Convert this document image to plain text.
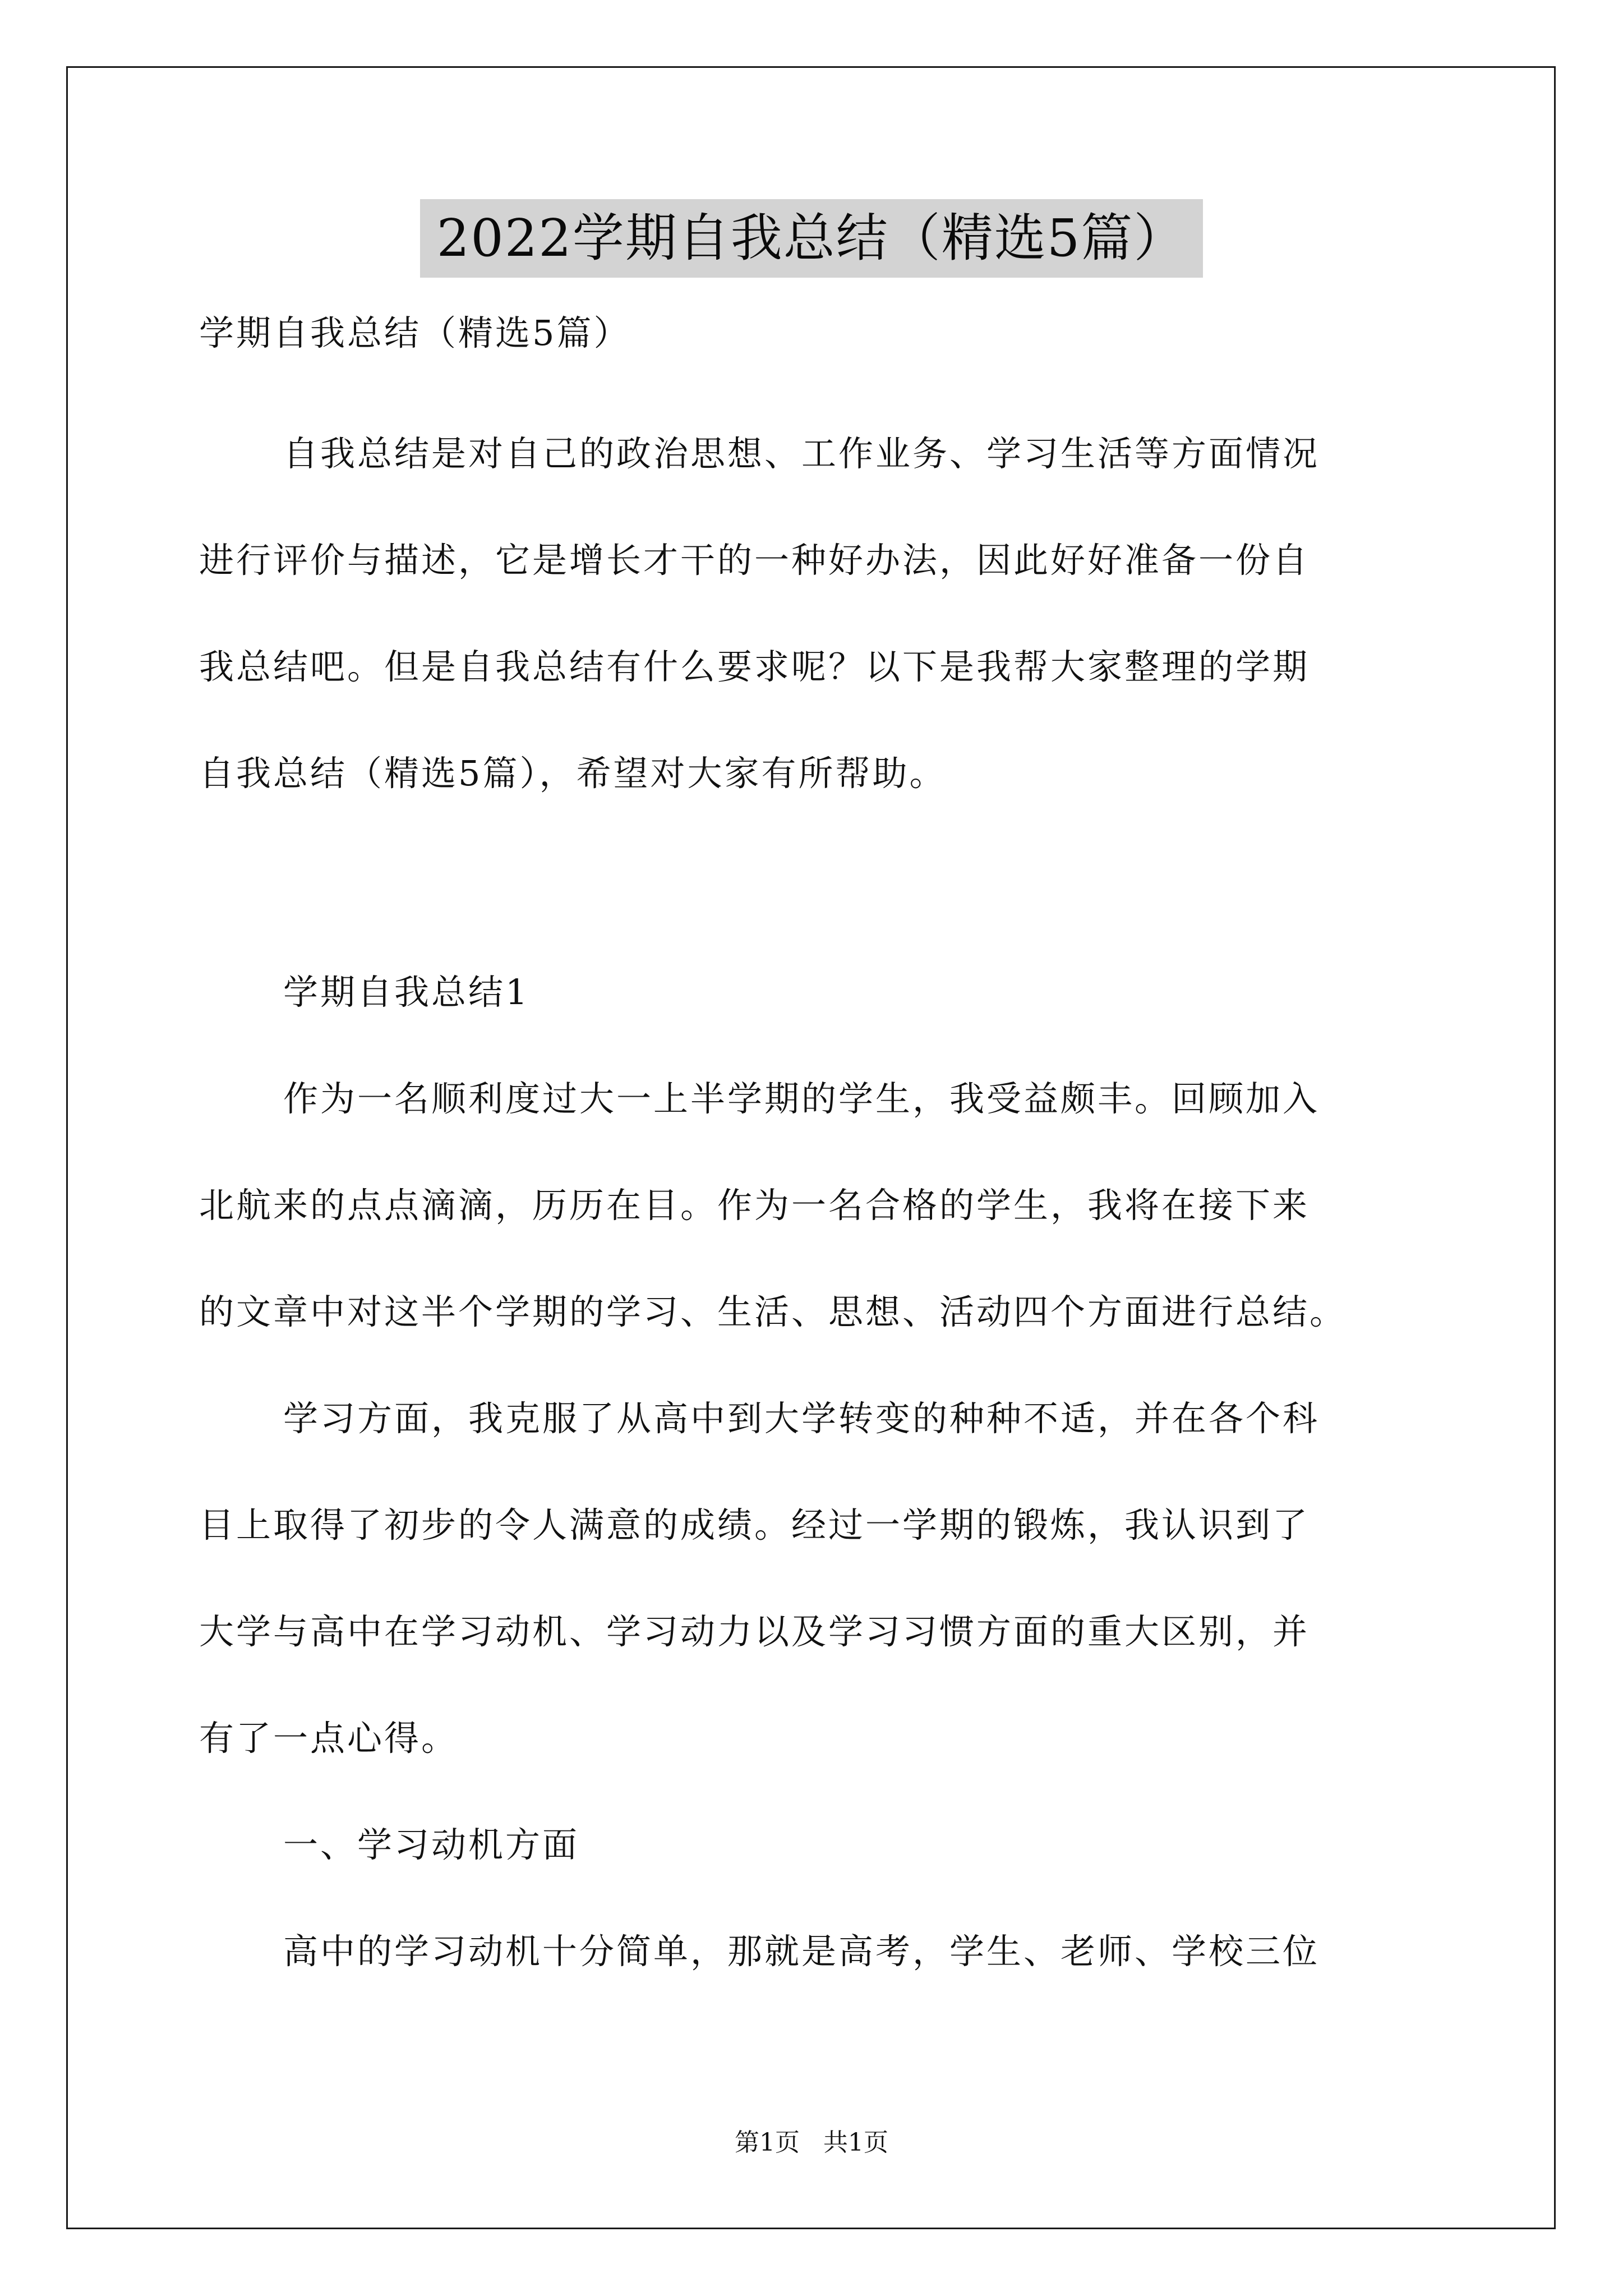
2022学期自我总结（精选5篇）
学期自我总结（精选5篇）
自我总结是对自己的政治思想、工作业务、学习生活等方面情况
进行评价与描述，它是增长才干的一种好办法，因此好好准备一份自
我总结吧。但是自我总结有什么要求呢？以下是我帮大家整理的学期
自我总结（精选5篇），希望对大家有所帮助。
学期自我总结1
作为一名顺利度过大一上半学期的学生，我受益颇丰。回顾加入
北航来的点点滴滴，历历在目。作为一名合格的学生，我将在接下来
的文章中对这半个学期的学习、生活、思想、活动四个方面进行总结。
学习方面，我克服了从高中到大学转变的种种不适，并在各个科
目上取得了初步的令人满意的成绩。经过一学期的锻炼，我认识到了
大学与高中在学习动机、学习动力以及学习习惯方面的重大区别，并
有了一点心得。
一、学习动机方面
高中的学习动机十分简单，那就是高考，学生、老师、学校三位
第1页 共1页
